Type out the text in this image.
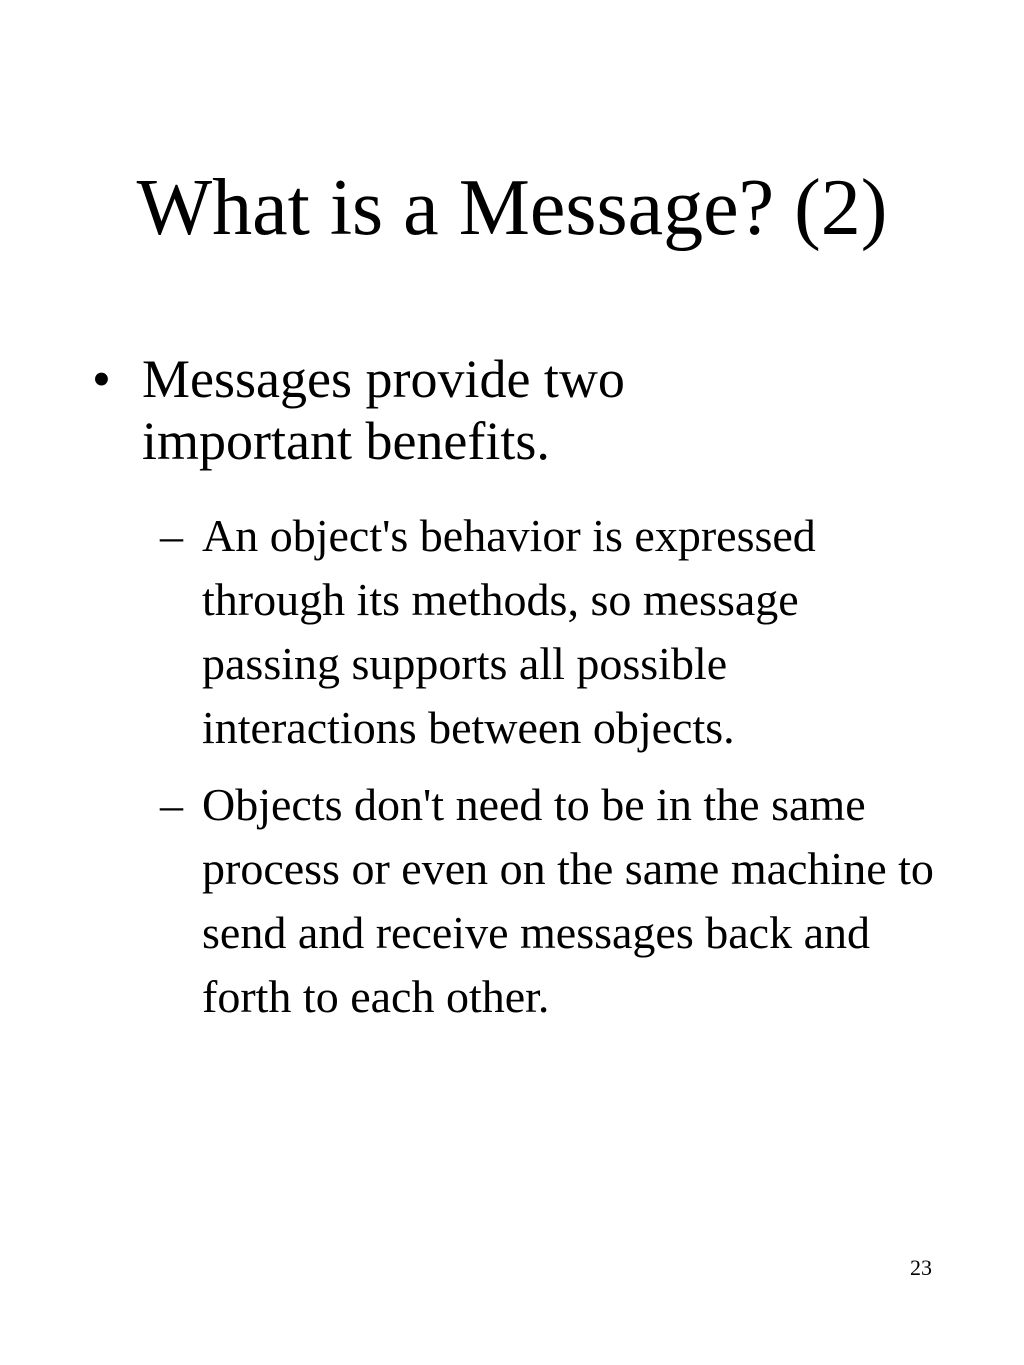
What is a Message? (2)
• Messages provide two important benefits.
– An object's behavior is expressed through its methods, so message passing supports all possible interactions between objects.
– Objects don't need to be in the same process or even on the same machine to send and receive messages back and forth to each other.
23
